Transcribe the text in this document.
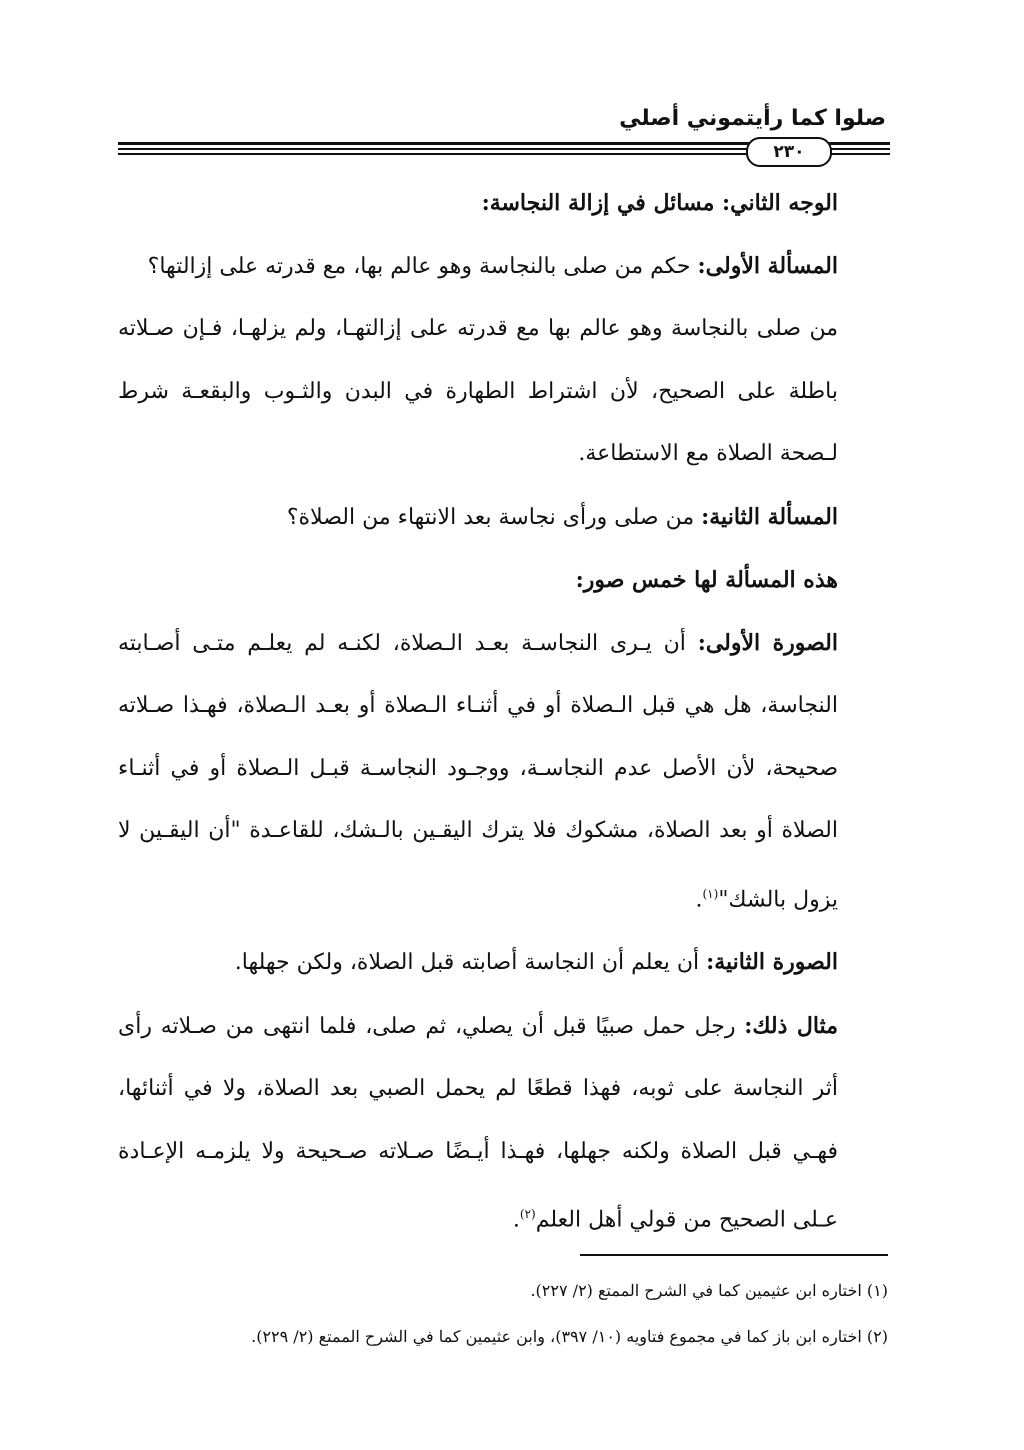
صلوا كما رأيتموني أصلي
٢٣٠

الوجه الثاني: مسائل في إزالة النجاسة:

المسألة الأولى: حكم من صلى بالنجاسة وهو عالم بها، مع قدرته على إزالتها؟

من صلى بالنجاسة وهو عالم بها مع قدرته على إزالتهـا، ولم يزلهـا، فـإن صـلاته باطلة على الصحيح، لأن اشتراط الطهارة في البدن والثـوب والبقعـة شرط لـصحة الصلاة مع الاستطاعة.

المسألة الثانية: من صلى ورأى نجاسة بعد الانتهاء من الصلاة؟

هذه المسألة لها خمس صور:

الصورة الأولى: أن يـرى النجاسـة بعـد الـصلاة، لكنـه لم يعلـم متـى أصـابته النجاسة، هل هي قبل الـصلاة أو في أثنـاء الـصلاة أو بعـد الـصلاة، فهـذا صـلاته صحيحة، لأن الأصل عدم النجاسـة، ووجـود النجاسـة قبـل الـصلاة أو في أثنـاء الصلاة أو بعد الصلاة، مشكوك فلا يترك اليقـين بالـشك، للقاعـدة "أن اليقـين لا يزول بالشك"$^{(١)}$.

الصورة الثانية: أن يعلم أن النجاسة أصابته قبل الصلاة، ولكن جهلها.

مثال ذلك: رجل حمل صبيًا قبل أن يصلي، ثم صلى، فلما انتهى من صـلاته رأى أثر النجاسة على ثوبه، فهذا قطعًا لم يحمل الصبي بعد الصلاة، ولا في أثنائها، فهـي قبل الصلاة ولكنه جهلها، فهـذا أيـضًا صـلاته صـحيحة ولا يلزمـه الإعـادة عـلى الصحيح من قولي أهل العلم$^{(٢)}$.

(١) اختاره ابن عثيمين كما في الشرح الممتع (٢/ ٢٢٧).

(٢) اختاره ابن باز كما في مجموع فتاويه (١٠/ ٣٩٧)، وابن عثيمين كما في الشرح الممتع (٢/ ٢٢٩).
